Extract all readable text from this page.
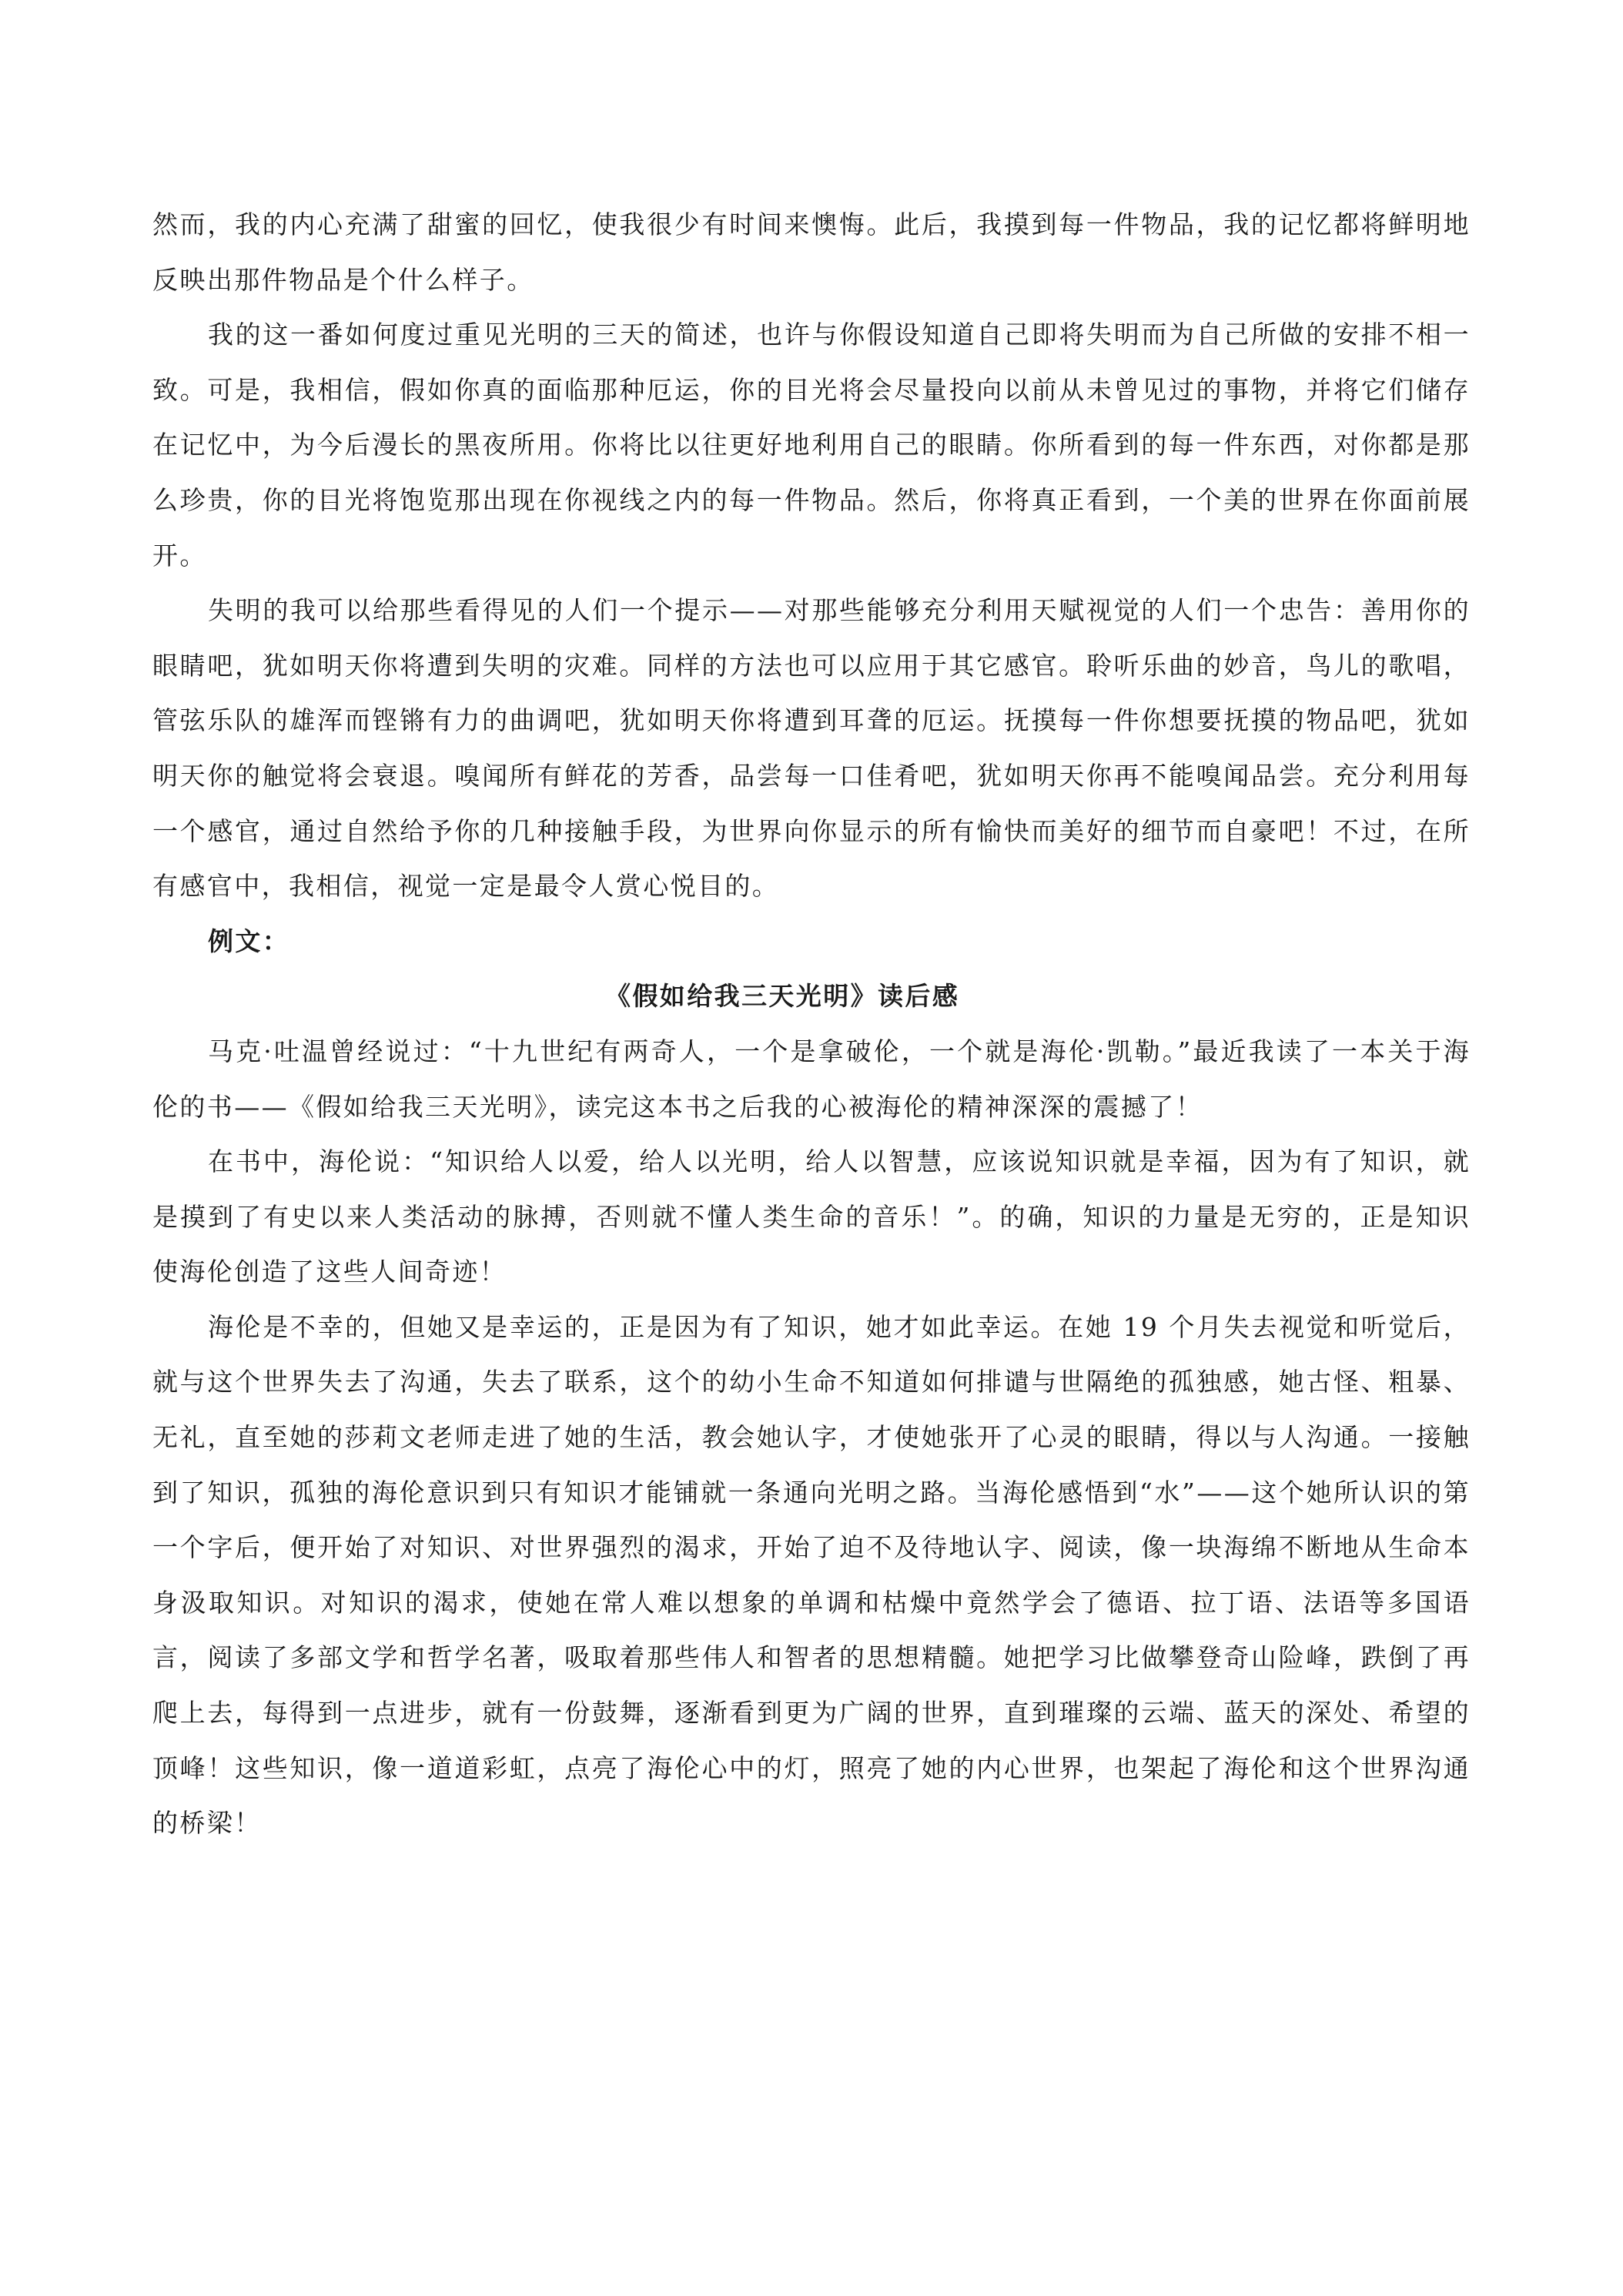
然而，我的内心充满了甜蜜的回忆，使我很少有时间来懊悔。此后，我摸到每一件物品，我的记忆都将鲜明地反映出那件物品是个什么样子。

我的这一番如何度过重见光明的三天的简述，也许与你假设知道自己即将失明而为自己所做的安排不相一致。可是，我相信，假如你真的面临那种厄运，你的目光将会尽量投向以前从未曾见过的事物，并将它们储存在记忆中，为今后漫长的黑夜所用。你将比以往更好地利用自己的眼睛。你所看到的每一件东西，对你都是那么珍贵，你的目光将饱览那出现在你视线之内的每一件物品。然后，你将真正看到，一个美的世界在你面前展开。

失明的我可以给那些看得见的人们一个提示——对那些能够充分利用天赋视觉的人们一个忠告：善用你的眼睛吧，犹如明天你将遭到失明的灾难。同样的方法也可以应用于其它感官。聆听乐曲的妙音，鸟儿的歌唱，管弦乐队的雄浑而铿锵有力的曲调吧，犹如明天你将遭到耳聋的厄运。抚摸每一件你想要抚摸的物品吧，犹如明天你的触觉将会衰退。嗅闻所有鲜花的芳香，品尝每一口佳肴吧，犹如明天你再不能嗅闻品尝。充分利用每一个感官，通过自然给予你的几种接触手段，为世界向你显示的所有愉快而美好的细节而自豪吧！不过，在所有感官中，我相信，视觉一定是最令人赏心悦目的。

例文：

《假如给我三天光明》读后感

马克·吐温曾经说过：“十九世纪有两奇人，一个是拿破伦，一个就是海伦·凯勒。”最近我读了一本关于海伦的书——《假如给我三天光明》，读完这本书之后我的心被海伦的精神深深的震撼了！

在书中，海伦说：“知识给人以爱，给人以光明，给人以智慧，应该说知识就是幸福，因为有了知识，就是摸到了有史以来人类活动的脉搏，否则就不懂人类生命的音乐！”。的确，知识的力量是无穷的，正是知识使海伦创造了这些人间奇迹！

海伦是不幸的，但她又是幸运的，正是因为有了知识，她才如此幸运。在她 19 个月失去视觉和听觉后，就与这个世界失去了沟通，失去了联系，这个的幼小生命不知道如何排谴与世隔绝的孤独感，她古怪、粗暴、无礼，直至她的莎莉文老师走进了她的生活，教会她认字，才使她张开了心灵的眼睛，得以与人沟通。一接触到了知识，孤独的海伦意识到只有知识才能铺就一条通向光明之路。当海伦感悟到“水”——这个她所认识的第一个字后，便开始了对知识、对世界强烈的渴求，开始了迫不及待地认字、阅读，像一块海绵不断地从生命本身汲取知识。对知识的渴求，使她在常人难以想象的单调和枯燥中竟然学会了德语、拉丁语、法语等多国语言，阅读了多部文学和哲学名著，吸取着那些伟人和智者的思想精髓。她把学习比做攀登奇山险峰，跌倒了再爬上去，每得到一点进步，就有一份鼓舞，逐渐看到更为广阔的世界，直到璀璨的云端、蓝天的深处、希望的顶峰！这些知识，像一道道彩虹，点亮了海伦心中的灯，照亮了她的内心世界，也架起了海伦和这个世界沟通的桥梁！
